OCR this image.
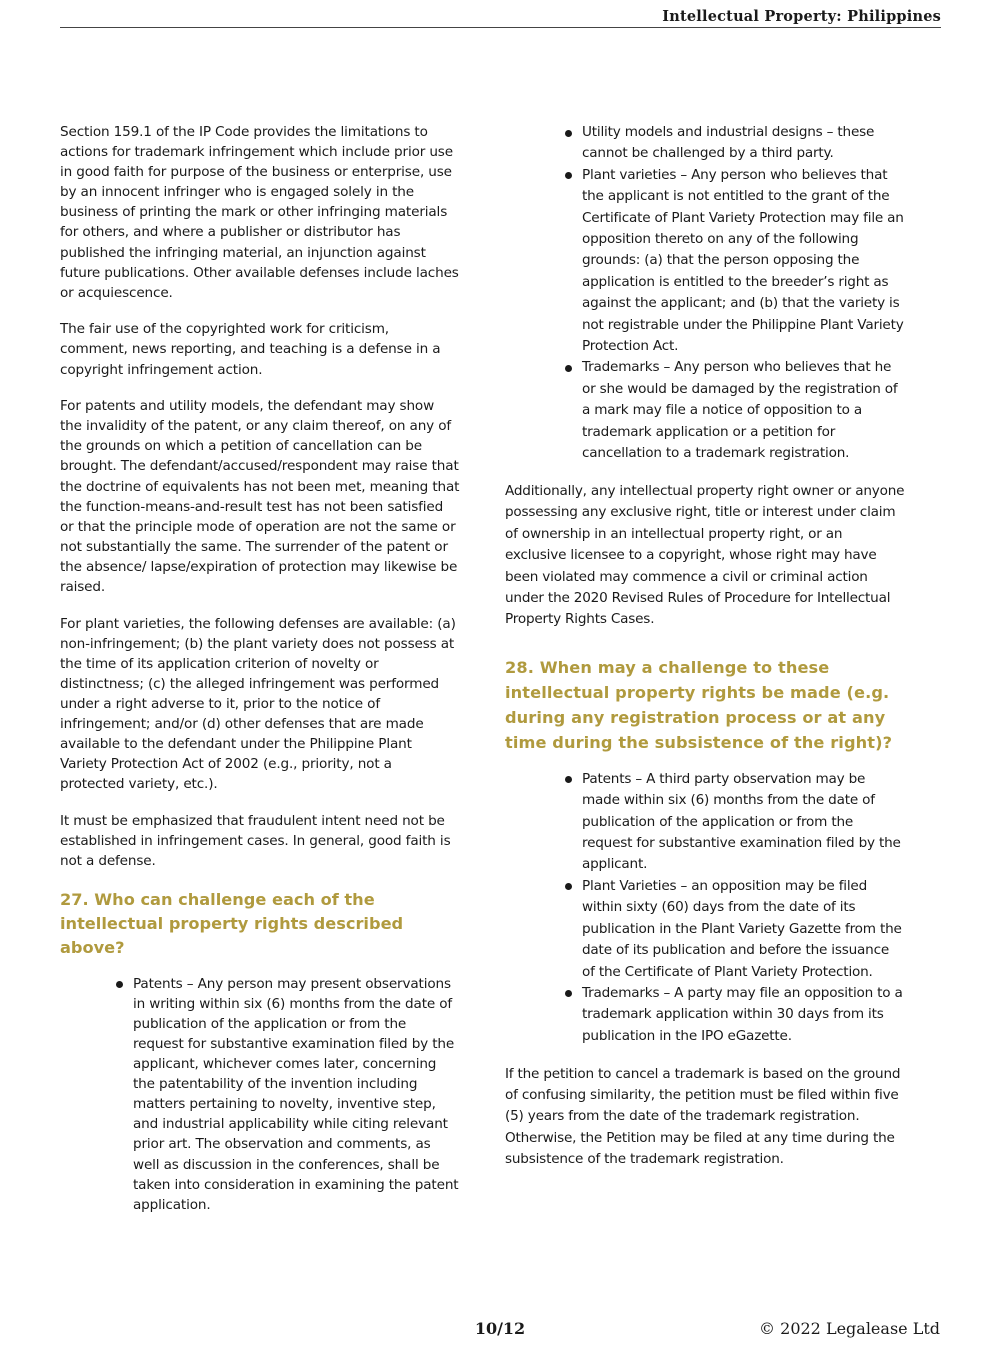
Intellectual Property: Philippines

Section 159.1 of the IP Code provides the limitations to actions for trademark infringement which include prior use in good faith for purpose of the business or enterprise, use by an innocent infringer who is engaged solely in the business of printing the mark or other infringing materials for others, and where a publisher or distributor has published the infringing material, an injunction against future publications. Other available defenses include laches or acquiescence.

The fair use of the copyrighted work for criticism, comment, news reporting, and teaching is a defense in a copyright infringement action.

For patents and utility models, the defendant may show the invalidity of the patent, or any claim thereof, on any of the grounds on which a petition of cancellation can be brought. The defendant/accused/respondent may raise that the doctrine of equivalents has not been met, meaning that the function-means-and-result test has not been satisfied or that the principle mode of operation are not the same or not substantially the same. The surrender of the patent or the absence/ lapse/expiration of protection may likewise be raised.

For plant varieties, the following defenses are available: (a) non-infringement; (b) the plant variety does not possess at the time of its application criterion of novelty or distinctness; (c) the alleged infringement was performed under a right adverse to it, prior to the notice of infringement; and/or (d) other defenses that are made available to the defendant under the Philippine Plant Variety Protection Act of 2002 (e.g., priority, not a protected variety, etc.).

It must be emphasized that fraudulent intent need not be established in infringement cases. In general, good faith is not a defense.

27. Who can challenge each of the intellectual property rights described above?
Patents – Any person may present observations in writing within six (6) months from the date of publication of the application or from the request for substantive examination filed by the applicant, whichever comes later, concerning the patentability of the invention including matters pertaining to novelty, inventive step, and industrial applicability while citing relevant prior art. The observation and comments, as well as discussion in the conferences, shall be taken into consideration in examining the patent application.
Utility models and industrial designs – these cannot be challenged by a third party.
Plant varieties – Any person who believes that the applicant is not entitled to the grant of the Certificate of Plant Variety Protection may file an opposition thereto on any of the following grounds: (a) that the person opposing the application is entitled to the breeder’s right as against the applicant; and (b) that the variety is not registrable under the Philippine Plant Variety Protection Act.
Trademarks – Any person who believes that he or she would be damaged by the registration of a mark may file a notice of opposition to a trademark application or a petition for cancellation to a trademark registration.

Additionally, any intellectual property right owner or anyone possessing any exclusive right, title or interest under claim of ownership in an intellectual property right, or an exclusive licensee to a copyright, whose right may have been violated may commence a civil or criminal action under the 2020 Revised Rules of Procedure for Intellectual Property Rights Cases.

28. When may a challenge to these intellectual property rights be made (e.g. during any registration process or at any time during the subsistence of the right)?
Patents – A third party observation may be made within six (6) months from the date of publication of the application or from the request for substantive examination filed by the applicant.
Plant Varieties – an opposition may be filed within sixty (60) days from the date of its publication in the Plant Variety Gazette from the date of its publication and before the issuance of the Certificate of Plant Variety Protection.
Trademarks – A party may file an opposition to a trademark application within 30 days from its publication in the IPO eGazette.

If the petition to cancel a trademark is based on the ground of confusing similarity, the petition must be filed within five (5) years from the date of the trademark registration. Otherwise, the Petition may be filed at any time during the subsistence of the trademark registration.

10/12	© 2022 Legalease Ltd
